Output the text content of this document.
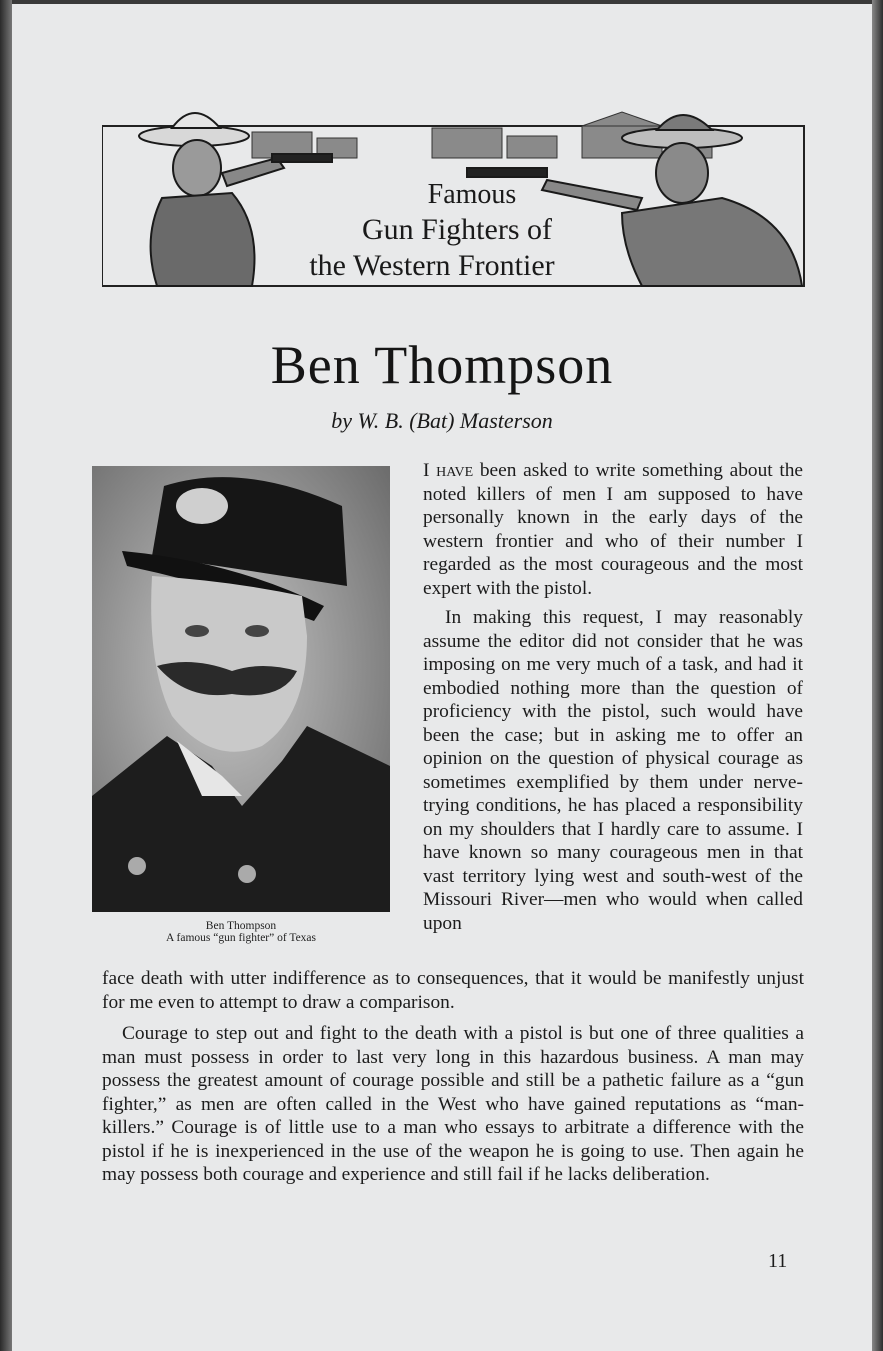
Famous
Gun Fighters of
the Western Frontier
Ben Thompson
by W. B. (Bat) Masterson
Ben Thompson
A famous “gun fighter” of Texas

I have been asked to write something about the noted killers of men I am supposed to have personally known in the early days of the western frontier and who of their number I regarded as the most courageous and the most expert with the pistol.

In making this request, I may reasonably assume the editor did not consider that he was imposing on me very much of a task, and had it embodied nothing more than the question of proficiency with the pistol, such would have been the case; but in asking me to offer an opinion on the question of physical courage as sometimes exemplified by them under nerve-trying conditions, he has placed a responsibility on my shoulders that I hardly care to assume. I have known so many courageous men in that vast territory lying west and south-west of the Missouri River—men who would when called upon

face death with utter indifference as to consequences, that it would be manifestly unjust for me even to attempt to draw a comparison.
Courage to step out and fight to the death with a pistol is but one of three qualities a man must possess in order to last very long in this hazardous business. A man may possess the greatest amount of courage possible and still be a pathetic failure as a “gun fighter,” as men are often called in the West who have gained reputations as “man-killers.” Courage is of little use to a man who essays to arbitrate a difference with the pistol if he is inexperienced in the use of the weapon he is going to use. Then again he may possess both courage and experience and still fail if he lacks deliberation.
11
